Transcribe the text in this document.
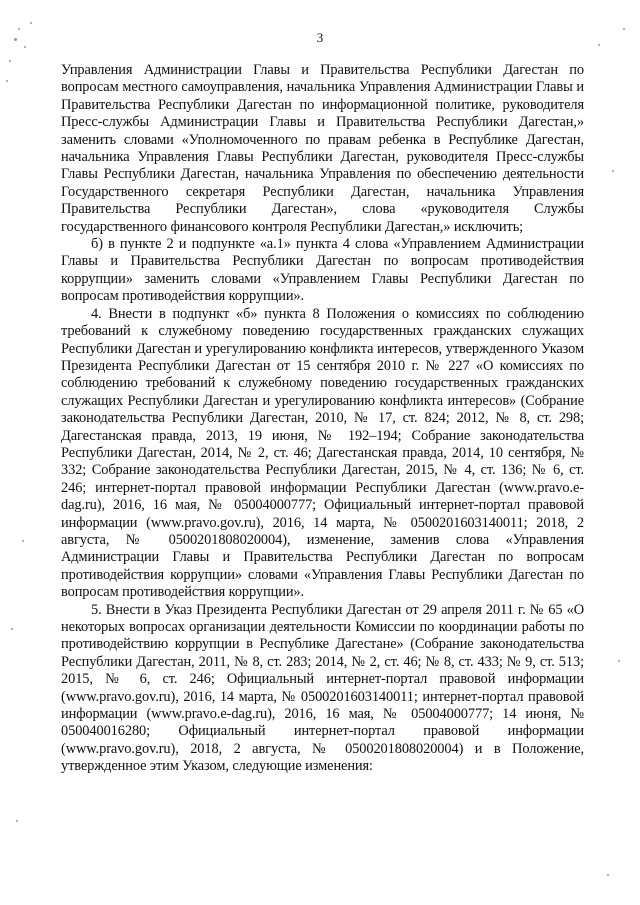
3

Управления Администрации Главы и Правительства Республики Дагестан по вопросам местного самоуправления, начальника Управления Администрации Главы и Правительства Республики Дагестан по информационной политике, руководителя Пресс-службы Администрации Главы и Правительства Республики Дагестан,» заменить словами «Уполномоченного по правам ребенка в Республике Дагестан, начальника Управления Главы Республики Дагестан, руководителя Пресс-службы Главы Республики Дагестан, начальника Управления по обеспечению деятельности Государственного секретаря Республики Дагестан, начальника Управления Правительства Республики Дагестан», слова «руководителя Службы государственного финансового контроля Республики Дагестан,» исключить;

б) в пункте 2 и подпункте «а.1» пункта 4 слова «Управлением Администрации Главы и Правительства Республики Дагестан по вопросам противодействия коррупции» заменить словами «Управлением Главы Республики Дагестан по вопросам противодействия коррупции».

4. Внести в подпункт «б» пункта 8 Положения о комиссиях по соблюдению требований к служебному поведению государственных гражданских служащих Республики Дагестан и урегулированию конфликта интересов, утвержденного Указом Президента Республики Дагестан от 15 сентября 2010 г. № 227 «О комиссиях по соблюдению требований к служебному поведению государственных гражданских служащих Республики Дагестан и урегулированию конфликта интересов» (Собрание законодательства Республики Дагестан, 2010, № 17, ст. 824; 2012, № 8, ст. 298; Дагестанская правда, 2013, 19 июня, № 192–194; Собрание законодательства Республики Дагестан, 2014, № 2, ст. 46; Дагестанская правда, 2014, 10 сентября, № 332; Собрание законодательства Республики Дагестан, 2015, № 4, ст. 136; № 6, ст. 246; интернет-портал правовой информации Республики Дагестан (www.pravo.e-dag.ru), 2016, 16 мая, № 05004000777; Официальный интернет-портал правовой информации (www.pravo.gov.ru), 2016, 14 марта, № 0500201603140011; 2018, 2 августа, № 0500201808020004), изменение, заменив слова «Управления Администрации Главы и Правительства Республики Дагестан по вопросам противодействия коррупции» словами «Управления Главы Республики Дагестан по вопросам противодействия коррупции».

5. Внести в Указ Президента Республики Дагестан от 29 апреля 2011 г. № 65 «О некоторых вопросах организации деятельности Комиссии по координации работы по противодействию коррупции в Республике Дагестане» (Собрание законодательства Республики Дагестан, 2011, № 8, ст. 283; 2014, № 2, ст. 46; № 8, ст. 433; № 9, ст. 513; 2015, № 6, ст. 246; Официальный интернет-портал правовой информации (www.pravo.gov.ru), 2016, 14 марта, № 0500201603140011; интернет-портал правовой информации (www.pravo.e-dag.ru), 2016, 16 мая, № 05004000777; 14 июня, № 050040016280; Официальный интернет-портал правовой информации (www.pravo.gov.ru), 2018, 2 августа, № 0500201808020004) и в Положение, утвержденное этим Указом, следующие изменения:
